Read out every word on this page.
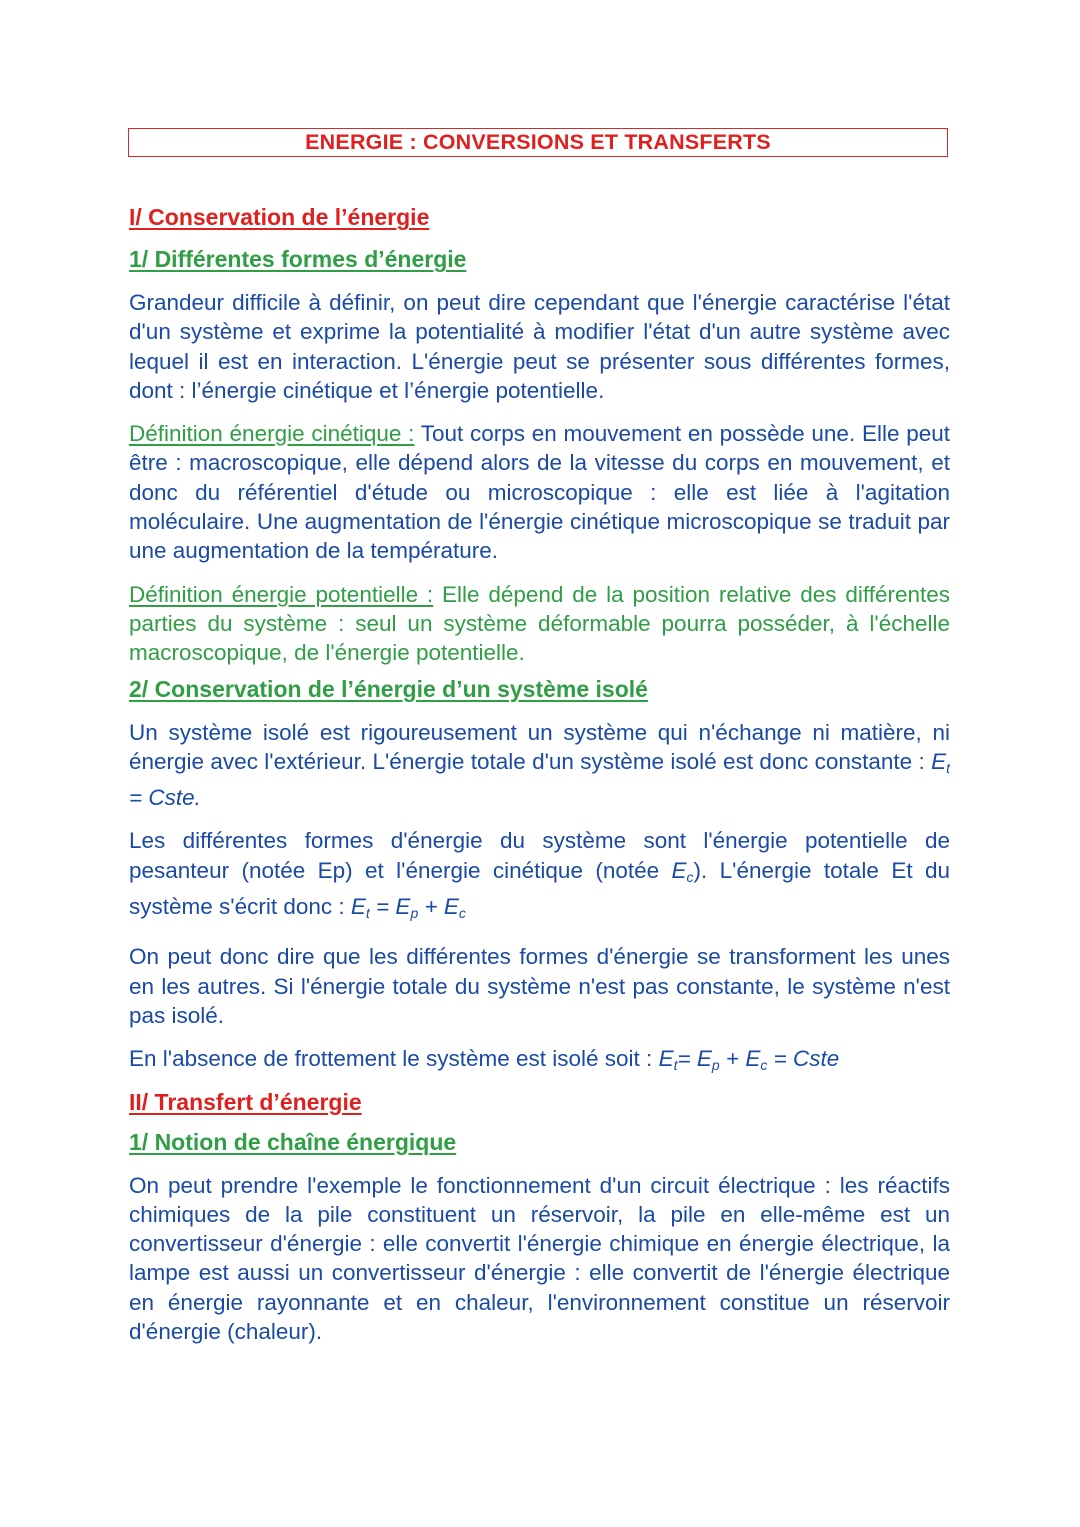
ENERGIE : CONVERSIONS ET TRANSFERTS
I/ Conservation de l’énergie
1/ Différentes formes d’énergie

Grandeur difficile à définir, on peut dire cependant que l'énergie caractérise l'état d'un système et exprime la potentialité à modifier l'état d'un autre système avec lequel il est en interaction. L'énergie peut se présenter sous différentes formes, dont : l’énergie cinétique et l’énergie potentielle.

Définition énergie cinétique : Tout corps en mouvement en possède une. Elle peut être : macroscopique, elle dépend alors de la vitesse du corps en mouvement, et donc du référentiel d'étude ou microscopique : elle est liée à l'agitation moléculaire. Une augmentation de l'énergie cinétique microscopique se traduit par une augmentation de la température.

Définition énergie potentielle : Elle dépend de la position relative des différentes parties du système : seul un système déformable pourra posséder, à l'échelle macroscopique, de l'énergie potentielle.

2/ Conservation de l’énergie d’un système isolé

Un système isolé est rigoureusement un système qui n'échange ni matière, ni énergie avec l'extérieur. L'énergie totale d'un système isolé est donc constante : $E_t$ = Cste.

Les différentes formes d'énergie du système sont l'énergie potentielle de pesanteur (notée Ep) et l'énergie cinétique (notée $E_c$). L'énergie totale Et du système s'écrit donc : $E_t = E_p + E_c$

On peut donc dire que les différentes formes d'énergie se transforment les unes en les autres. Si l'énergie totale du système n'est pas constante, le système n'est pas isolé.

En l'absence de frottement le système est isolé soit : $E_t= E_p + E_c$ = Cste

II/ Transfert d’énergie
1/ Notion de chaîne énergique

On peut prendre l'exemple le fonctionnement d'un circuit électrique : les réactifs chimiques de la pile constituent un réservoir, la pile en elle-même est un convertisseur d'énergie : elle convertit l'énergie chimique en énergie électrique, la lampe est aussi un convertisseur d'énergie : elle convertit de l'énergie électrique en énergie rayonnante et en chaleur, l'environnement constitue un réservoir d'énergie (chaleur).
